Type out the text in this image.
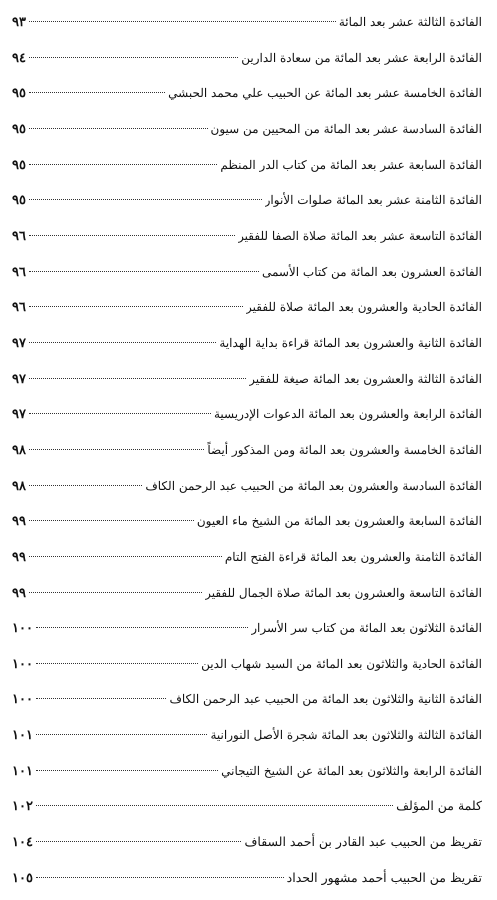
الفائدة الثالثة عشر بعد المائة
٩٣
الفائدة الرابعة عشر بعد المائة من سعادة الدارين
٩٤
الفائدة الخامسة عشر بعد المائة عن الحبيب علي محمد الحبشي
٩٥
الفائدة السادسة عشر بعد المائة من المحيين من سيون
٩٥
الفائدة السابعة عشر بعد المائة من كتاب الدر المنظم
٩٥
الفائدة الثامنة عشر بعد المائة صلوات الأنوار
٩٥
الفائدة التاسعة عشر بعد المائة صلاة الصفا للفقير
٩٦
الفائدة العشرون بعد المائة من كتاب الأسمى
٩٦
الفائدة الحادية والعشرون بعد المائة صلاة للفقير
٩٦
الفائدة الثانية والعشرون بعد المائة قراءة بداية الهداية
٩٧
الفائدة الثالثة والعشرون بعد المائة صيغة للفقير
٩٧
الفائدة الرابعة والعشرون بعد المائة الدعوات الإدريسية
٩٧
الفائدة الخامسة والعشرون بعد المائة ومن المذكور أيضاً
٩٨
الفائدة السادسة والعشرون بعد المائة من الحبيب عبد الرحمن الكاف
٩٨
الفائدة السابعة والعشرون بعد المائة من الشيخ ماء العيون
٩٩
الفائدة الثامنة والعشرون بعد المائة قراءة الفتح التام
٩٩
الفائدة التاسعة والعشرون بعد المائة صلاة الجمال للفقير
٩٩
الفائدة الثلاثون بعد المائة من كتاب سر الأسرار
١٠٠
الفائدة الحادية والثلاثون بعد المائة من السيد شهاب الدين
١٠٠
الفائدة الثانية والثلاثون بعد المائة من الحبيب عبد الرحمن الكاف
١٠٠
الفائدة الثالثة والثلاثون بعد المائة شجرة الأصل النورانية
١٠١
الفائدة الرابعة والثلاثون بعد المائة عن الشيخ التيجاني
١٠١
كلمة من المؤلف
١٠٢
تقريظ من الحبيب عبد القادر بن أحمد السقاف
١٠٤
تقريظ من الحبيب أحمد مشهور الحداد
١٠٥
